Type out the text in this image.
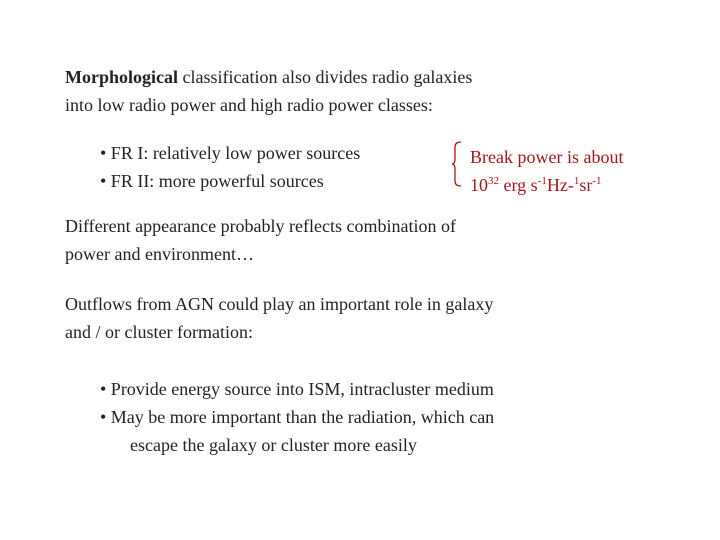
Morphological classification also divides radio galaxies
into low radio power and high radio power classes:

• FR I: relatively low power sources
• FR II: more powerful sources

Break power is about
$10^{32}$ erg $s^{-1}Hz-^1sr^{-1}$

Different appearance probably reflects combination of
power and environment…

Outflows from AGN could play an important role in galaxy
and / or cluster formation:

• Provide energy source into ISM, intracluster medium
• May be more important than the radiation, which can
escape the galaxy or cluster more easily
